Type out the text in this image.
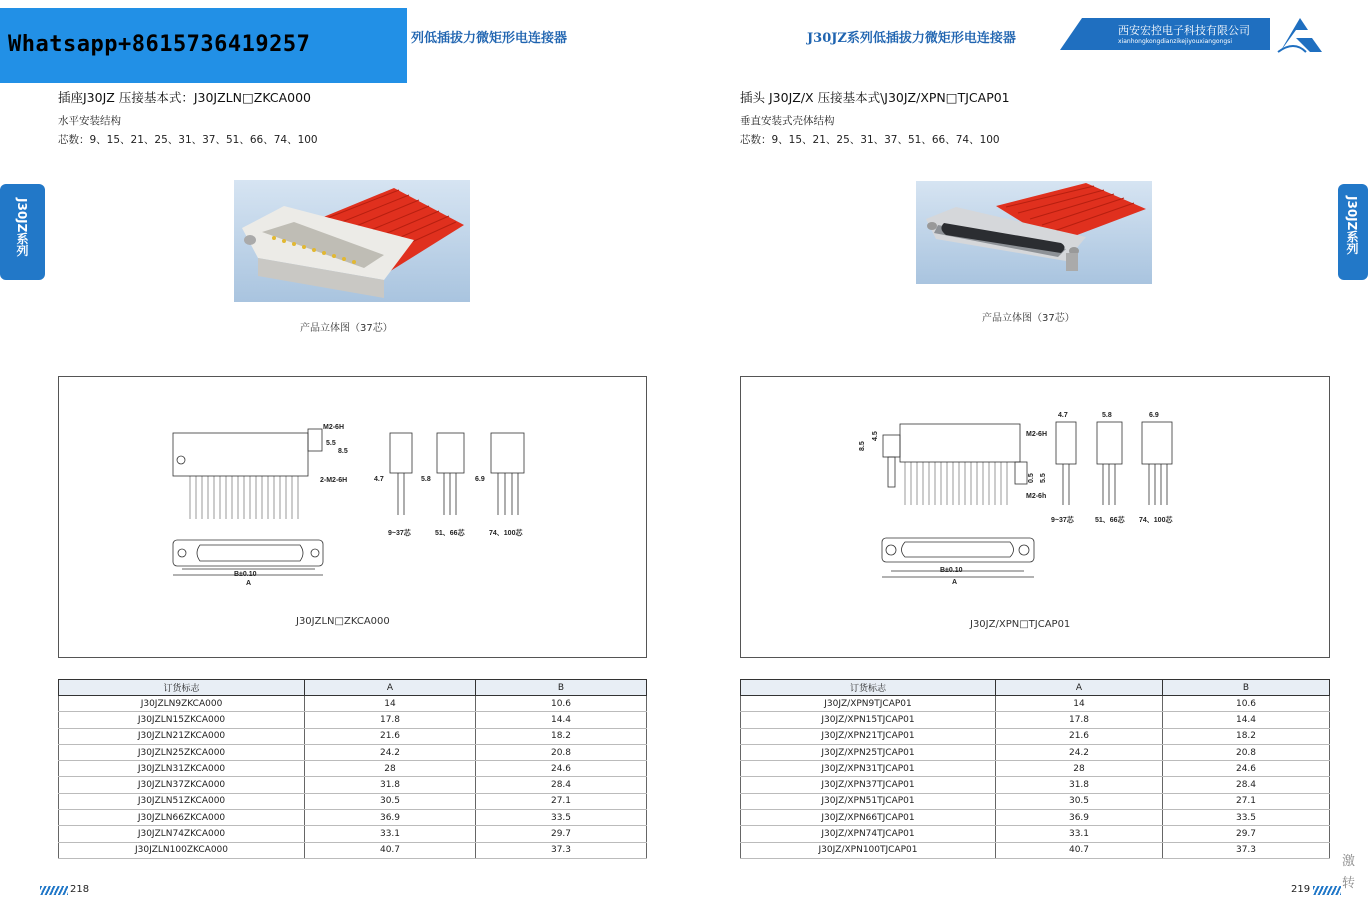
列低插拔力微矩形电连接器	J30JZ系列低插拔力微矩形电连接器
西安宏控电子科技有限公司
xianhongkongdianzikejiyouxiangongsi
Whatsapp+8615736419257
J30JZ系列	J30JZ系列
插座J30JZ 压接基本式：J30JZLN□ZKCA000
水平安装结构
芯数：9、15、21、25、31、37、51、66、74、100
产品立体图（37芯）
M2-6H
5.5
8.5
2-M2-6H	4.7	5.8	6.9
9~37芯	51、66芯	74、100芯
B±0.10
A
J30JZLN□ZKCA000
订货标志	A	B
J30JZLN9ZKCA000	14	10.6
J30JZLN15ZKCA000	17.8	14.4
J30JZLN21ZKCA000	21.6	18.2
J30JZLN25ZKCA000	24.2	20.8
J30JZLN31ZKCA000	28	24.6
J30JZLN37ZKCA000	31.8	28.4
J30JZLN51ZKCA000	30.5	27.1
J30JZLN66ZKCA000	36.9	33.5
J30JZLN74ZKCA000	33.1	29.7
J30JZLN100ZKCA000	40.7	37.3
218
插头 J30JZ/X 压接基本式\J30JZ/XPN□TJCAP01
垂直安装式壳体结构
芯数：9、15、21、25、31、37、51、66、74、100
产品立体图（37芯）
8.5
4.5	M2-6H
0.5 5.5
M2-6h
4.7	5.8	6.9
9~37芯	51、66芯 74、100芯
B±0.10
A
J30JZ/XPN□TJCAP01
订货标志	A	B
J30JZ/XPN9TJCAP01	14	10.6
J30JZ/XPN15TJCAP01	17.8	14.4
J30JZ/XPN21TJCAP01	21.6	18.2
J30JZ/XPN25TJCAP01	24.2	20.8
J30JZ/XPN31TJCAP01	28	24.6
J30JZ/XPN37TJCAP01	31.8	28.4
J30JZ/XPN51TJCAP01	30.5	27.1
J30JZ/XPN66TJCAP01	36.9	33.5
J30JZ/XPN74TJCAP01	33.1	29.7
J30JZ/XPN100TJCAP01	40.7	37.3
219
激
转
